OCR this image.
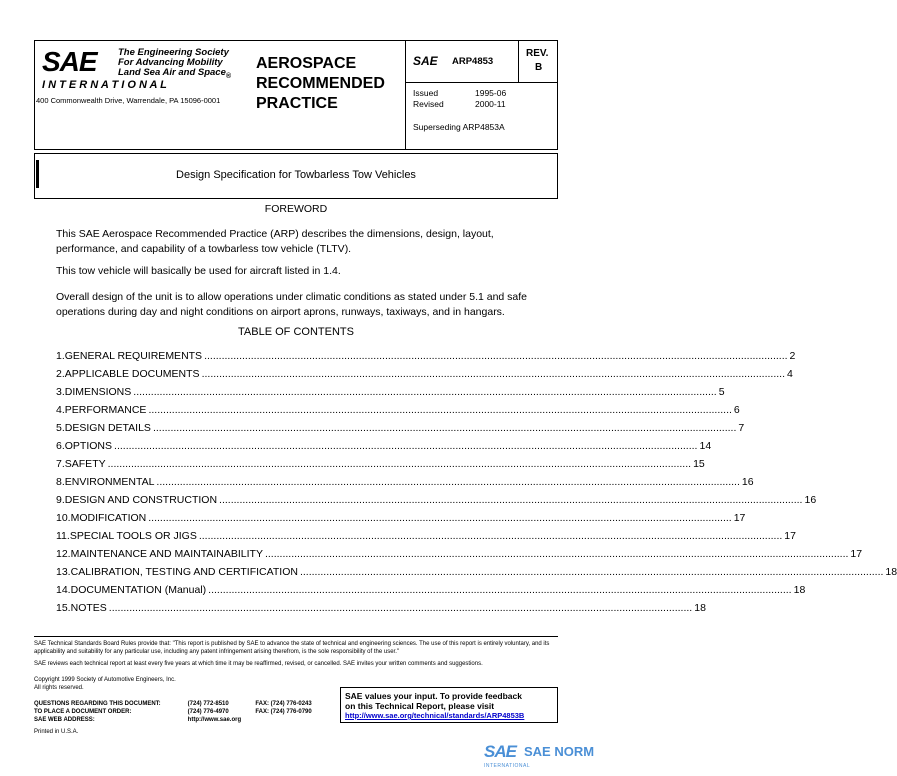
SAE	The Engineering Society
For Advancing Mobility
Land Sea Air and Space$_®$
I N T E R N A T I O N A L
400 Commonwealth Drive, Warrendale, PA 15096-0001
AEROSPACE
RECOMMENDED
PRACTICE
SAE ARP4853
REV.
B
Issued	1995-06
Revised	2000-11
Superseding ARP4853A
Design Specification for Towbarless Tow Vehicles
FOREWORD
This SAE Aerospace Recommended Practice (ARP) describes the dimensions, design, layout, performance, and capability of a towbarless tow vehicle (TLTV).
This tow vehicle will basically be used for aircraft listed in 1.4.
Overall design of the unit is to allow operations under climatic conditions as stated under 5.1 and safe operations during day and night conditions on airport aprons, runways, taxiways, and in hangars.
TABLE OF CONTENTS
1. GENERAL REQUIREMENTS ........................................................................................................................................................................................................ 2
2. APPLICABLE DOCUMENTS ........................................................................................................................................................................................................ 4
3. DIMENSIONS ........................................................................................................................................................................................................ 5
4. PERFORMANCE ........................................................................................................................................................................................................ 6
5. DESIGN DETAILS ........................................................................................................................................................................................................ 7
6. OPTIONS ........................................................................................................................................................................................................ 14
7. SAFETY ........................................................................................................................................................................................................ 15
8. ENVIRONMENTAL ........................................................................................................................................................................................................ 16
9. DESIGN AND CONSTRUCTION ........................................................................................................................................................................................................ 16
10. MODIFICATION ........................................................................................................................................................................................................ 17
11. SPECIAL TOOLS OR JIGS ........................................................................................................................................................................................................ 17
12. MAINTENANCE AND MAINTAINABILITY ........................................................................................................................................................................................................ 17
13. CALIBRATION, TESTING AND CERTIFICATION ........................................................................................................................................................................................................ 18
14. DOCUMENTATION (Manual) ........................................................................................................................................................................................................ 18
15. NOTES ........................................................................................................................................................................................................ 18
SAE Technical Standards Board Rules provide that: "This report is published by SAE to advance the state of technical and engineering sciences. The use of this report is entirely voluntary, and its applicability and suitability for any particular use, including any patent infringement arising therefrom, is the sole responsibility of the user."
SAE reviews each technical report at least every five years at which time it may be reaffirmed, revised, or cancelled. SAE invites your written comments and suggestions.
Copyright 1999 Society of Automotive Engineers, Inc.
All rights reserved.
QUESTIONS REGARDING THIS DOCUMENT:	(724) 772-8510	FAX: (724) 776-0243
TO PLACE A DOCUMENT ORDER:	(724) 776-4970	FAX: (724) 776-0790
SAE WEB ADDRESS:	http://www.sae.org
Printed in U.S.A.
SAE values your input. To provide feedback
on this Technical Report, please visit
http://www.sae.org/technical/standards/ARP4853B
SAE SAE NORM
INTERNATIONAL
